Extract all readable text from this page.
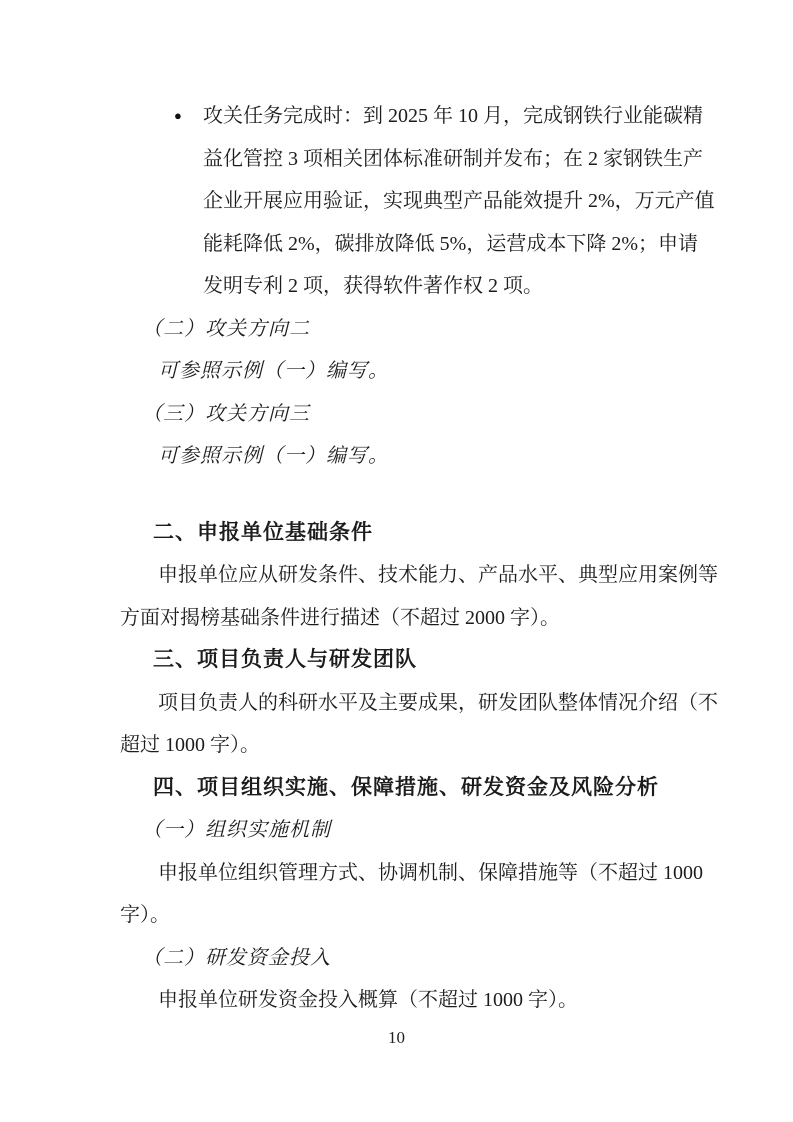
● 攻关任务完成时：到 2025 年 10 月，完成钢铁行业能碳精
益化管控 3 项相关团体标准研制并发布；在 2 家钢铁生产
企业开展应用验证，实现典型产品能效提升 2%，万元产值
能耗降低 2%，碳排放降低 5%，运营成本下降 2%；申请
发明专利 2 项，获得软件著作权 2 项。
（二）攻关方向二
可参照示例（一）编写。
（三）攻关方向三
可参照示例（一）编写。
二、申报单位基础条件
申报单位应从研发条件、技术能力、产品水平、典型应用案例等
方面对揭榜基础条件进行描述（不超过 2000 字）。
三、项目负责人与研发团队
项目负责人的科研水平及主要成果，研发团队整体情况介绍（不
超过 1000 字）。
四、项目组织实施、保障措施、研发资金及风险分析
（一）组织实施机制
申报单位组织管理方式、协调机制、保障措施等（不超过 1000
字）。
（二）研发资金投入
申报单位研发资金投入概算（不超过 1000 字）。
10
